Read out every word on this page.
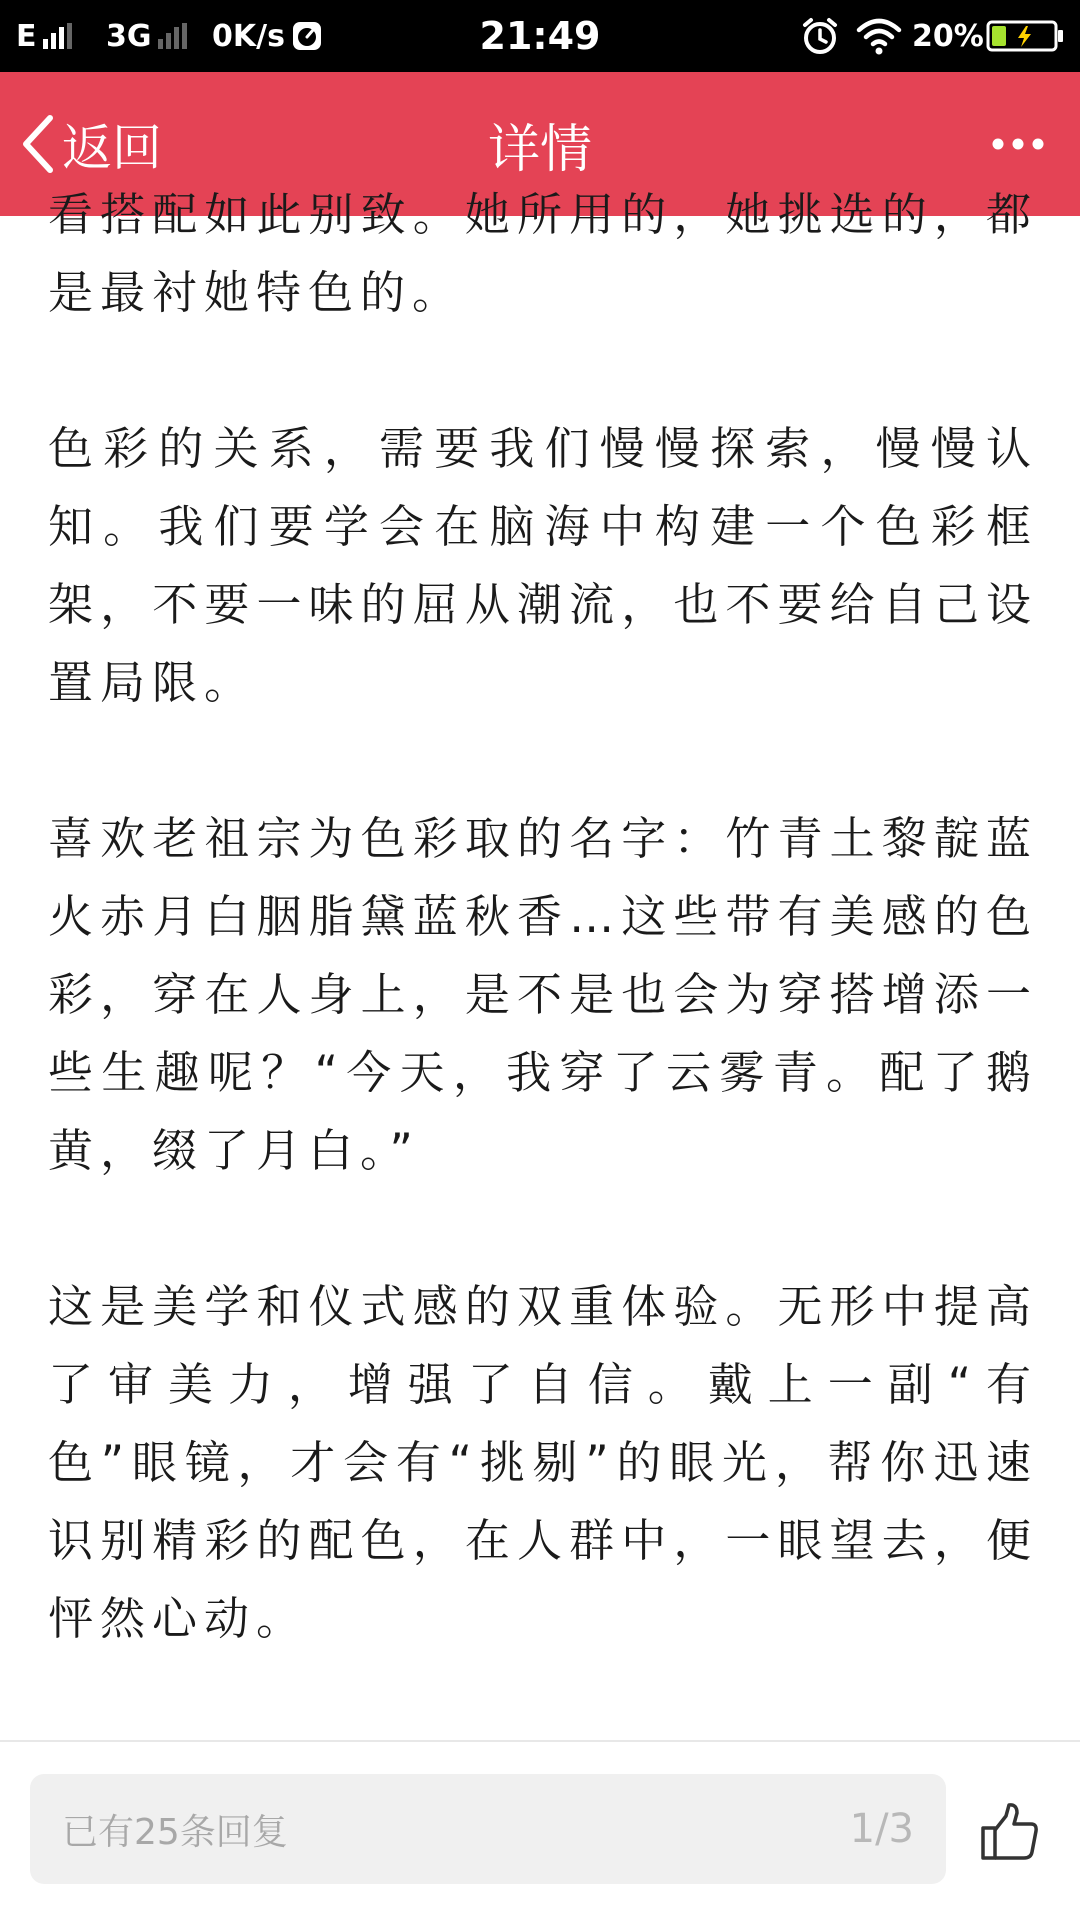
E 3G 0K/s	21:49	20%
返回	详情

看搭配如此别致。她所用的，她挑选的，都是最衬她特色的。

色彩的关系，需要我们慢慢探索，慢慢认知。我们要学会在脑海中构建一个色彩框架，不要一味的屈从潮流，也不要给自己设置局限。

喜欢老祖宗为色彩取的名字：竹青土黎靛蓝火赤月白胭脂黛蓝秋香…这些带有美感的色彩，穿在人身上，是不是也会为穿搭增添一些生趣呢？“今天，我穿了云雾青。配了鹅黄，缀了月白。”

这是美学和仪式感的双重体验。无形中提高了审美力，增强了自信。戴上一副“有色”眼镜，才会有“挑剔”的眼光，帮你迅速识别精彩的配色，在人群中，一眼望去，便怦然心动。

已有25条回复	1/3
